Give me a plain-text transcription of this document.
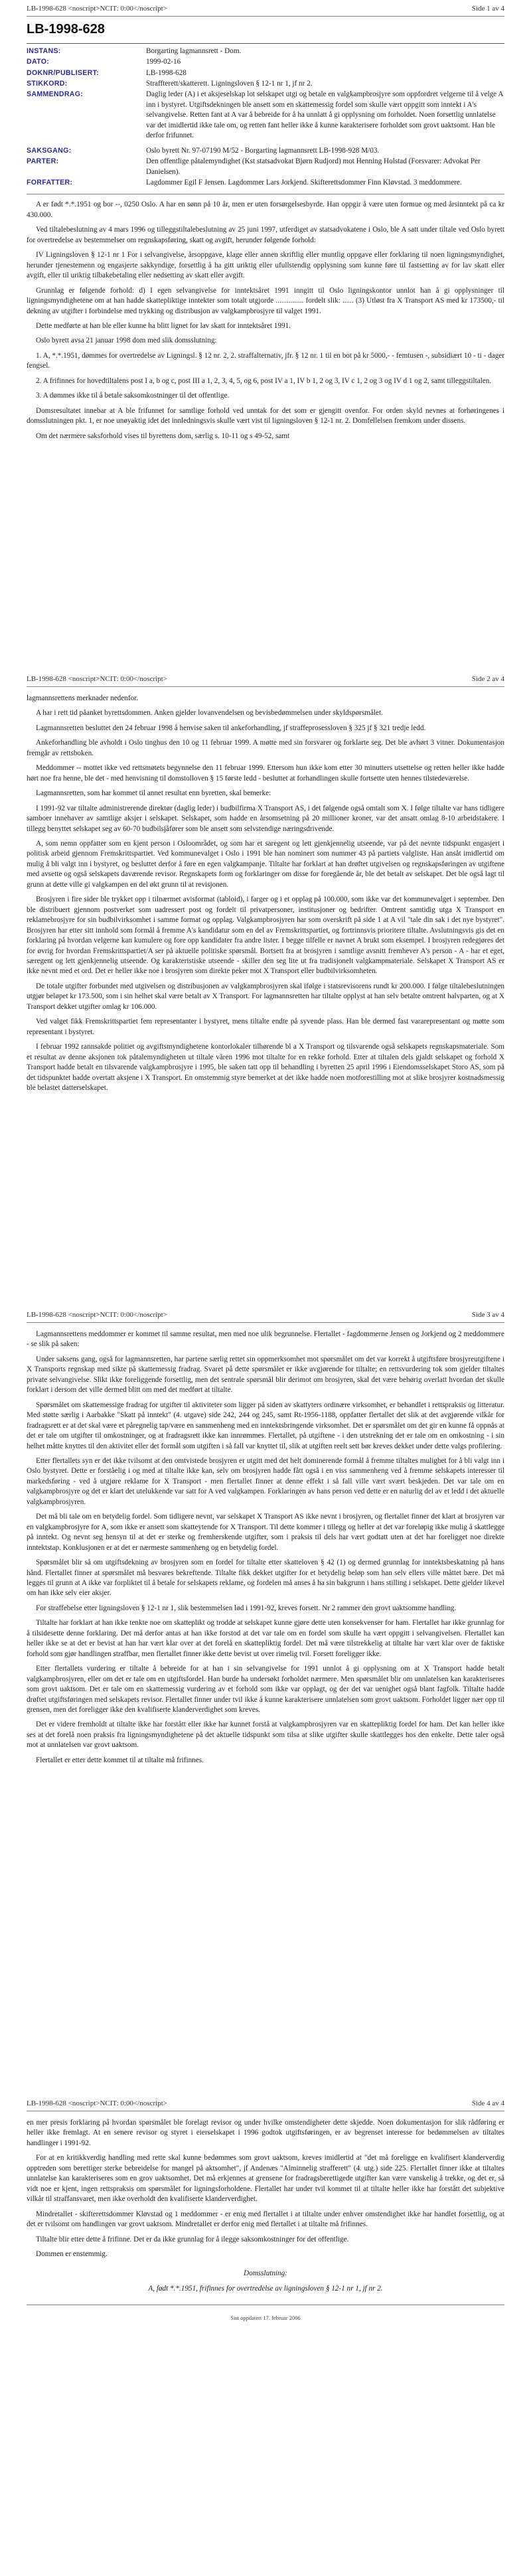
LB-1998-628 <noscript>NCIT: 0:00</noscript>	Side 1 av 4
LB-1998-628
INSTANS:	Borgarting lagmannsrett - Dom.
DATO:	1999-02-16
DOKNR/PUBLISERT:	LB-1998-628
STIKKORD:	Straffterett/skatterett. Ligningsloven § 12-1 nr 1, jf nr 2.
SAMMENDRAG:	Daglig leder (A) i et aksjeselskap lot selskapet utgi og betale en valgkampbrosjyre som oppfordret velgerne til å velge A inn i bystyret. Utgiftsdekningen ble ansett som en skattemessig fordel som skulle vært oppgitt som inntekt i A's selvangivelse. Retten fant at A var å bebreide for å ha unnlatt å gi opplysning om forholdet. Noen forsettlig unnlatelse var det imidlertid ikke tale om, og retten fant heller ikke å kunne karakterisere forholdet som grovt uaktsomt. Han ble derfor frifunnet.
SAKSGANG:	Oslo byrett Nr. 97-07190 M/52 - Borgarting lagmannsrett LB-1998-928 M/03.
PARTER:	Den offentlige påtalemyndighet (Kst statsadvokat Bjørn Rudjord) mot Henning Holstad (Forsvarer: Advokat Per Danielsen).
FORFATTER:	Lagdommer Egil F Jensen. Lagdommer Lars Jorkjend. Skifterettsdommer Finn Kløvstad. 3 meddommere.

A er født *.*.1951 og bor --, 0250 Oslo. A har en sønn på 10 år, men er uten forsørgelsesbyrde. Han oppgir å være uten formue og med årsinntekt på ca kr 430.000.

Ved tiltalebeslutning av 4 mars 1996 og tilleggstiltalebeslutning av 25 juni 1997, utferdiget av statsadvokatene i Oslo, ble A satt under tiltale ved Oslo byrett for overtredelse av bestemmelser om regnskapsføring, skatt og avgift, herunder følgende forhold:

IV Ligningsloven § 12-1 nr 1 For i selvangivelse, årsoppgave, klage eller annen skriftlig eller muntlig oppgave eller forklaring til noen ligningsmyndighet, herunder tjenestemenn og engasjerte sakkyndige, forsettlig å ha gitt uriktig eller ufullstendig opplysning som kunne føre til fastsetting av for lav skatt eller avgift, eller til uriktig tilbakebetaling eller nedsetting av skatt eller avgift.

Grunnlag er følgende forhold: d) I egen selvangivelse for inntektsåret 1991 inngitt til Oslo ligningskontor unnlot han å gi opplysninger til ligningsmyndighetene om at han hadde skattepliktige inntekter som totalt utgjorde ............... fordelt slik: ...... (3) Utløst fra X Transport AS med kr 173500,- til dekning av utgifter i forbindelse med trykking og distribusjon av valgkampbrosjyre til valget 1991.

Dette medførte at han ble eller kunne ha blitt lignet for lav skatt for inntektsåret 1991.

Oslo byrett avsa 21 januar 1998 dom med slik domsslutning:

1. A, *.*.1951, dømmes for overtredelse av Ligningsl. § 12 nr. 2, 2. straffalternativ, jfr. § 12 nr. 1 til en bot på kr 5000,- - femtusen -, subsidiært 10 - ti - dager fengsel.

2. A frifinnes for hovedtiltalens post I a, b og c, post III a 1, 2, 3, 4, 5, og 6, post IV a 1, IV b 1, 2 og 3, IV c 1, 2 og 3 og IV d 1 og 2, samt tilleggstiltalen.

3. A dømmes ikke til å betale saksomkostninger til det offentlige.

Domsresultatet innebar at A ble frifunnet for samtlige forhold ved unntak for det som er gjengitt ovenfor. For orden skyld nevnes at forhøringenes i domsslutningen pkt. 1, er noe unøyaktig idet det innledningsvis skulle vært vist til ligningsloven § 12-1 nr. 2. Domfellelsen fremkom under dissens.

Om det nærmere saksforhold vises til byrettens dom, særlig s. 10-11 og s 49-52, samt

LB-1998-628 <noscript>NCIT: 0:00</noscript>	Side 2 av 4

lagmannsrettens merknader nedenfor.

A har i rett tid påanket byrettsdommen. Anken gjelder lovanvendelsen og bevisbedømmelsen under skyldspørsmålet.

Lagmannsretten besluttet den 24 februar 1998 å henvise saken til ankeforhandling, jf straffeprosessloven § 325 jf § 321 tredje ledd.

Ankeforhandling ble avholdt i Oslo tinghus den 10 og 11 februar 1999. A møtte med sin forsvarer og forklarte seg. Det ble avhørt 3 vitner. Dokumentasjon fremgår av rettsboken.

Meddommer -- mottet ikke ved rettsmøtets begynnelse den 11 februar 1999. Ettersom hun ikke kom etter 30 minutters utsettelse og retten heller ikke hadde hørt noe fra henne, ble det - med henvisning til domstolloven § 15 første ledd - besluttet at forhandlingen skulle fortsette uten hennes tilstedeværelse.

Lagmannsretten, som har kommet til annet resultat enn byretten, skal bemerke:

I 1991-92 var tiltalte administrerende direktør (daglig leder) i budbilfirma X Transport AS, i det følgende også omtalt som X. I følge tiltalte var hans tidligere samboer innehaver av samtlige aksjer i selskapet. Selskapet, som hadde en årsomsetning på 20 millioner kroner, var det ansatt omlag 8-10 arbeidstakere. I tillegg benyttet selskapet seg av 60-70 budbilsjåfører som ble ansett som selvstendige næringsdrivende.

A, som nemn oppfatter som en kjent person i Osloområdet, og som har et saregent og lett gjenkjennelig utseende, var på det nevnte tidspunkt engasjert i politisk arbeid gjennom Fremskrittspartiet. Ved kommunevalget i Oslo i 1991 ble han nominert som nummer 43 på partiets valgliste. Han ansåt imidlertid om mulig å bli valgt inn i bystyret, og besluttet derfor å føre en egen valgkampanje. Tiltalte har forklart at han drøftet utgivelsen og regnskapsføringen av utgiftene med avsette og også selskapets daværende revisor. Regnskapets form og forklaringer om disse for foregående år, ble det betalt av selskapet. Det ble også lagt til grunn at dette ville gi valgkampen en del økt grunn til at revisjonen.

Brosjyren i fire sider ble trykket opp i tilnærmet avisformat (tabloid), i farger og i et opplag på 100.000, som ikke var det kommunevalget i september. Den ble distribuert gjennom postverket som uadressert post og fordelt til privatpersoner, institusjoner og bedrifter. Omtrent samtidig utga X Transport en reklamebrosjyre for sin budbilvirksomhet i samme format og opplag. Valgkampbrosjyren har som overskrift på side 1 at A vil "tale din sak i det nye bystyret". Brosjyren har etter sitt innhold som formål å fremme A's kandidatur som en del av Fremskrittspartiet, og fortrinnsvis prioritere tiltalte. Avslutningsvis gis det en forklaring på hvordan velgerne kan kumulere og fore opp kandidater fra andre lister. I begge tilfelle er navnet A brukt som eksempel. I brosjyren redegjøres det for øvrig for hvordan Fremskrittspartiet/A ser på aktuelle politiske spørsmål. Bortsett fra at brosjyren i samtlige avsnitt fremhever A's person - A - har et eget, særegent og lett gjenkjennelig utseende. Og karakteristiske utseende - skiller den seg lite ut fra tradisjonelt valgkampmateriale. Selskapet X Transport AS er ikke nevnt med et ord. Det er heller ikke noe i brosjyren som direkte peker mot X Transport eller budbilvirksomheten.

De totale utgifter forbundet med utgivelsen og distribusjonen av valgkampbrosjyren skal ifølge i statsrevisorens rundt kr 200.000. I følge tiltalebeslutningen utgjør beløpet kr 173.500, som i sin helhet skal være betalt av X Transport. For lagmannsretten har tiltalte opplyst at han selv betalte omtrent halvparten, og at X Transport dekket utgifter omlag kr 106.000.

Ved valget fikk Fremskrittspartiet fem representanter i bystyret, mens tiltalte endte på syvende plass. Han ble dermed fast vararepresentant og møtte som representant i bystyret.

I februar 1992 rannsakde politiet og avgiftsmyndighetene kontorlokaler tilhørende bl a X Transport og tilsvarende også selskapets regnskapsmateriale. Som et resultat av denne aksjonen tok påtalemyndigheten ut tiltale våren 1996 mot tiltalte for en rekke forhold. Etter at tiltalen dels gjaldt selskapet og forhold X Transport hadde betalt en tilsvarende valgkampbrosjyre i 1995, ble saken tatt opp til behandling i byretten 25 april 1996 i Eiendomsselskapet Storo AS, som på det tidspunktet hadde overtatt aksjene i X Transport. En omstemmig styre bemerket at det ikke hadde noen motforestilling mot at slike brosjyrer kostnadsmessig ble belastet datterselskapet.

LB-1998-628 <noscript>NCIT: 0:00</noscript>	Side 3 av 4

Lagmannsrettens meddommer er kommet til samme resultat, men med noe ulik begrunnelse. Flertallet - fagdommerne Jensen og Jorkjend og 2 meddommere - se slik på saken:

Under saksens gang, også for lagmannsretten, har partene særlig rettet sin oppmerksomhet mot spørsmålet om det var korrekt å utgiftsføre brosjyreutgiftene i X Transports regnskap med sikte på skattemessig fradrag. Svaret på dette spørsmålet er ikke avgjørende for tiltalte; en rettsvurdering tok som gjelder tiltaltes private selvangivelse. Slikt ikke foreliggende forsettlig, men det sentrale spørsmål blir derimot om brosjyren, skal det være behørig overlatt hvordan det skulle forklart i dersom det ville dermed blitt om med det medført at tiltalte.

Spørsmålet om skattemessige fradrag for utgifter til aktiviteter som ligger på siden av skattyters ordinære virksomhet, er behandlet i rettspraksis og litteratur. Med støtte særlig i Aarbakke "Skatt på inntekt" (4. utgave) side 242, 244 og 245, samt Rt-1956-1188, oppfatter flertallet det slik at det avgjørende vilkår for fradragsrett er at det skal være et påregnelig tap/være en sammenheng med en inntektsbringende virksomhet. Det er spørsmålet om det gir en kunne få oppnås at det er tale om utgifter til omkostninger, og at fradragsrett ikke kan innrømmes. Flertallet, på utgiftene - i den utstrekning det er tale om en omkostning - i sin helhet måtte knyttes til den aktivitet eller det formål som utgiften i så fall var knyttet til, slik at utgiften reelt sett bør kreves dekket under dette valgs profilering.

Etter flertallets syn er det ikke tvilsomt at den omtvistede brosjyren er utgitt med det helt dominerende formål å fremme tiltaltes mulighet for å bli valgt inn i Oslo bystyret. Dette er forståelig i og med at tiltalte ikke kan, selv om brosjyren hadde fått også i en viss sammenheng ved å fremme selskapets interesser til markedsføring - ved å utgjøre reklame for X Transport - men flertallet finner at denne effekt i så fall ville vært svært beskjeden. Det var tale om en valgkampbrosjyre og det er klart det utelukkende var satt for A ved valgkampen. Forklaringen av hans person ved dette er en naturlig del av et ledd i det aktuelle valgkampbrosjyren.

Det må bli tale om en betydelig fordel. Som tidligere nevnt, var selskapet X Transport AS ikke nevnt i brosjyren, og flertallet finner det klart at brosjyren var en valgkampbrosjyre for A, som ikke er ansett som skatteytende for X Transport. Til dette kommer i tillegg og heller at det var foreløpig ikke mulig å skattlegge på inntekt. Og nevnt seg hensyn til at det er sterke og fremherskende utgifter, som i praksis til dels har vært godtatt uten at det har foreligget noe direkte inntektstap. Konklusjonen er at det er nærmeste sammenheng og en betydelig fordel.

Spørsmålet blir så om utgiftsdekning av brosjyren som en fordel for tiltalte etter skatteloven § 42 (1) og dermed grunnlag for inntektsbeskatning på hans hånd. Flertallet finner at spørsmålet må besvares bekreftende. Tiltalte fikk dekket utgifter for et betydelig beløp som han selv ellers ville måttet bære. Det må legges til grunn at A ikke var forpliktet til å betale for selskapets reklame, og fordelen må anses å ha sin bakgrunn i hans stilling i selskapet. Dette gjelder likevel om han ikke selv eier aksjer.

For straffebelse etter ligningsloven § 12-1 nr 1, slik bestemmelsen lød i 1991-92, kreves forsett. Nr 2 rammer den grovt uaktsomme handling.

Tiltalte har forklart at han ikke tenkte noe om skatteplikt og trodde at selskapet kunne gjøre dette uten konsekvenser for ham. Flertallet har ikke grunnlag for å tilsidesette denne forklaring. Det må derfor antas at han ikke forstod at det var tale om en fordel som skulle ha vært oppgitt i selvangivelsen. Flertallet kan heller ikke se at det er bevist at han har vært klar over at det forelå en skattepliktig fordel. Det må være tilstrekkelig at tiltalte har vært klar over de faktiske forhold som gjør handlingen straffbar, men flertallet finner ikke dette bevist ut over rimelig tvil. Forsett foreligger ikke.

Etter flertallets vurdering er tiltalte å bebreide for at han i sin selvangivelse for 1991 unnlot å gi opplysning om at X Transport hadde betalt valgkampbrosjyren, eller om det er tale om en utgiftsfordel. Han burde ha undersøkt forholdet nærmere. Men spørsmålet blir om unnlatelsen kan karakteriseres som grovt uaktsom. Det er tale om en skattemessig vurdering av et forhold som ikke var opplagt, og der det var uenighet også blant fagfolk. Tiltalte hadde drøftet utgiftsføringen med selskapets revisor. Flertallet finner under tvil ikke å kunne karakterisere unnlatelsen som grovt uaktsom. Forholdet ligger nær opp til grensen, men det foreligger ikke den kvalifiserte klanderverdighet som kreves.

Det er videre fremholdt at tiltalte ikke har forstått eller ikke har kunnet forstå at valgkampbrosjyren var en skattepliktig fordel for ham. Det kan heller ikke ses at det forelå noen praksis fra ligningsmyndighetene på det aktuelle tidspunkt som tilsa at slike utgifter skulle skattlegges hos den enkelte. Dette taler også mot at unnlatelsen var grovt uaktsom.

Flertallet er etter dette kommet til at tiltalte må frifinnes.

LB-1998-628 <noscript>NCIT: 0:00</noscript>	Side 4 av 4

en mer presis forklaring på hvordan spørsmålet ble forelagt revisor og under hvilke omstendigheter dette skjedde. Noen dokumentasjon for slik rådføring er heller ikke fremlagt. At en senere revisor og styret i eierselskapet i 1996 godtok utgiftsføringen, er av begrenset interesse for bedømmelsen av tiltaltes handlinger i 1991-92.

For at en kritikkverdig handling med rette skal kunne bedømmes som grovt uaktsom, kreves imidlertid at "det må foreligge en kvalifisert klanderverdig opptreden som berettiger sterke bebreidelse for mangel på aktsomhet", jf Andenæs "Alminnelig strafferett" (4. utg.) side 225. Flertallet finner ikke at tiltaltes unnlatelse kan karakteriseres som en grov uaktsomhet. Det må erkjennes at grensene for fradragsberettigede utgifter kan være vanskelig å trekke, og det er, så vidt noe er kjent, ingen rettspraksis om spørsmålet for ligningsforholdene. Flertallet har under tvil kommet til at tiltalte heller ikke har forstått det subjektive vilkår til straffansvaret, men ikke overholdt den kvalifiserte klanderverdighet.

Mindretallet - skifterettsdommer Kløvstad og 1 meddommer - er enig med flertallet i at tiltalte under enhver omstendighet ikke har handlet forsettlig, og at det er tvilsomt om handlingen var grovt uaktsom. Mindretallet er derfor enig med flertallet i at tiltalte må frifinnes.

Tiltalte blir etter dette å frifinne. Det er da ikke grunnlag for å ilegge saksomkostninger for det offentlige.

Dommen er enstemmig.

Domsslutning:

A, født *.*.1951, frifinnes for overtredelse av ligningsloven § 12-1 nr 1, jf nr 2.

Sist oppdatert 17. februar 2006
